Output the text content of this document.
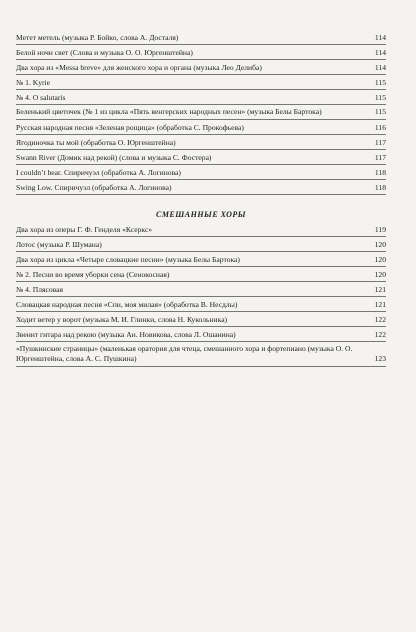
Метет метель (музыка Р. Бойко, слова А. Досталя)	114
Белой ночи свет (Слова и музыка О. О. Юргенштейна)	114
Два хора из «Messa breve» для женского хора и органа (музыка Лео Делиба)	114
№ 1. Kyrie	115
№ 4. O salutaris	115
Беленький цветочек (№ 1 из цикла «Пять венгерских народных песен» (музыка Белы Бартока)	115
Русская народная песня «Зеленая рощица» (обработка С. Прокофьева)	116
Ягодиночка ты мой (обработка О. Юргенштейна)	117
Swann River (Домик над рекой) (слова и музыка С. Фостера)	117
I couldn’t hear. Спиричуэл (обработка А. Логинова)	118
Swing Low. Спиричуэл (обработка А. Логинова)	118
СМЕШАННЫЕ ХОРЫ
Два хора из оперы Г. Ф. Генделя «Ксеркс»	119
Лотос (музыка Р. Шумана)	120
Два хора из цикла «Четыре словацкие песни» (музыка Белы Бартока)	120
№ 2. Песни во время уборки сена (Сенокосная)	120
№ 4. Плясовая	121
Словацкая народная песня «Спи, моя милая» (обработка В. Несдлы)	121
Ходит ветер у ворот (музыка М. И. Глинки, слова Н. Кукольника)	122
Звенит гитара над рекою (музыка Ан. Новикова, слова Л. Ошанина)	122
«Пушкинские страницы» (маленькая оратория для чтеца, смешанного хора и фортепиано (музыка О. О. Юргенштейна, слова А. С. Пушкина)	123
